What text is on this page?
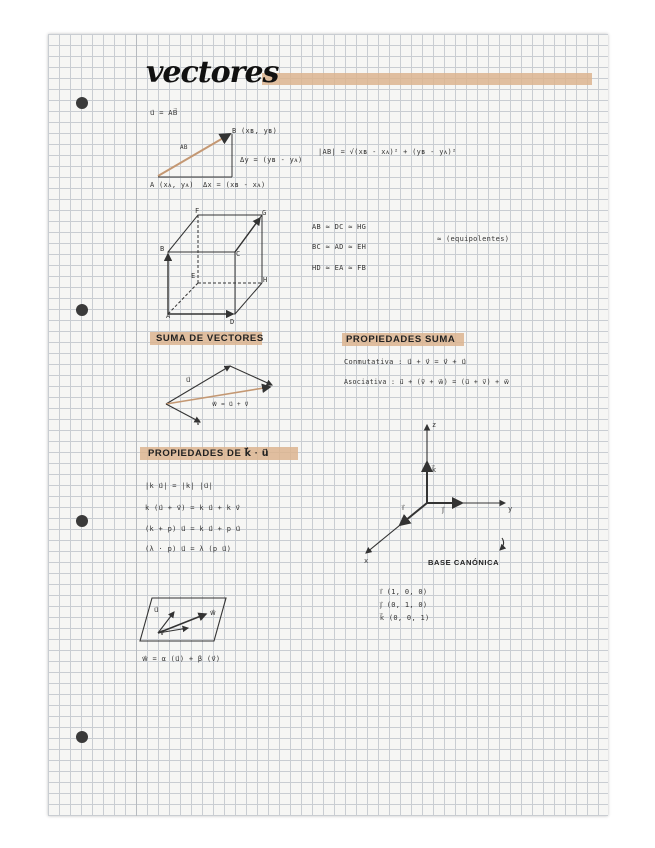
vectores
u⃗ = AB⃗
B (xʙ, yʙ)
AB
Δy = (yʙ - yᴀ)
A (xᴀ, yᴀ) Δx = (xʙ - xᴀ)
|AB| = √(xʙ - xᴀ)² + (yʙ - yᴀ)²
F	G
B
C
E	H
A
D
AB ≈ DC ≈ HG
BC ≈ AD ≈ EH
HD ≈ EA ≈ FB
≈ (equipolentes)
SUMA DE VECTORES
u⃗
v⃗
w⃗ = u⃗ + v⃗
PROPIEDADES SUMA
Conmutativa : u⃗ + v⃗ = v⃗ + u⃗
Asociativa : u⃗ + (v⃗ + w⃗) = (u⃗ + v⃗) + w⃗
PROPIEDADES DE k⃗ · u⃗
|k u⃗| = |k| |u⃗|
k (u⃗ + v⃗) = k u⃗ + k v⃗
(k + p) u⃗ = k u⃗ + p u⃗
(λ · p) u⃗ = λ (p u⃗)
z
y
x
k⃗
i⃗	j⃗
BASE CANÓNICA
i⃗ (1, 0, 0)
j⃗ (0, 1, 0)
k⃗ (0, 0, 1)
u⃗	w⃗
v⃗
w⃗ = α (u⃗) + β (v⃗)
